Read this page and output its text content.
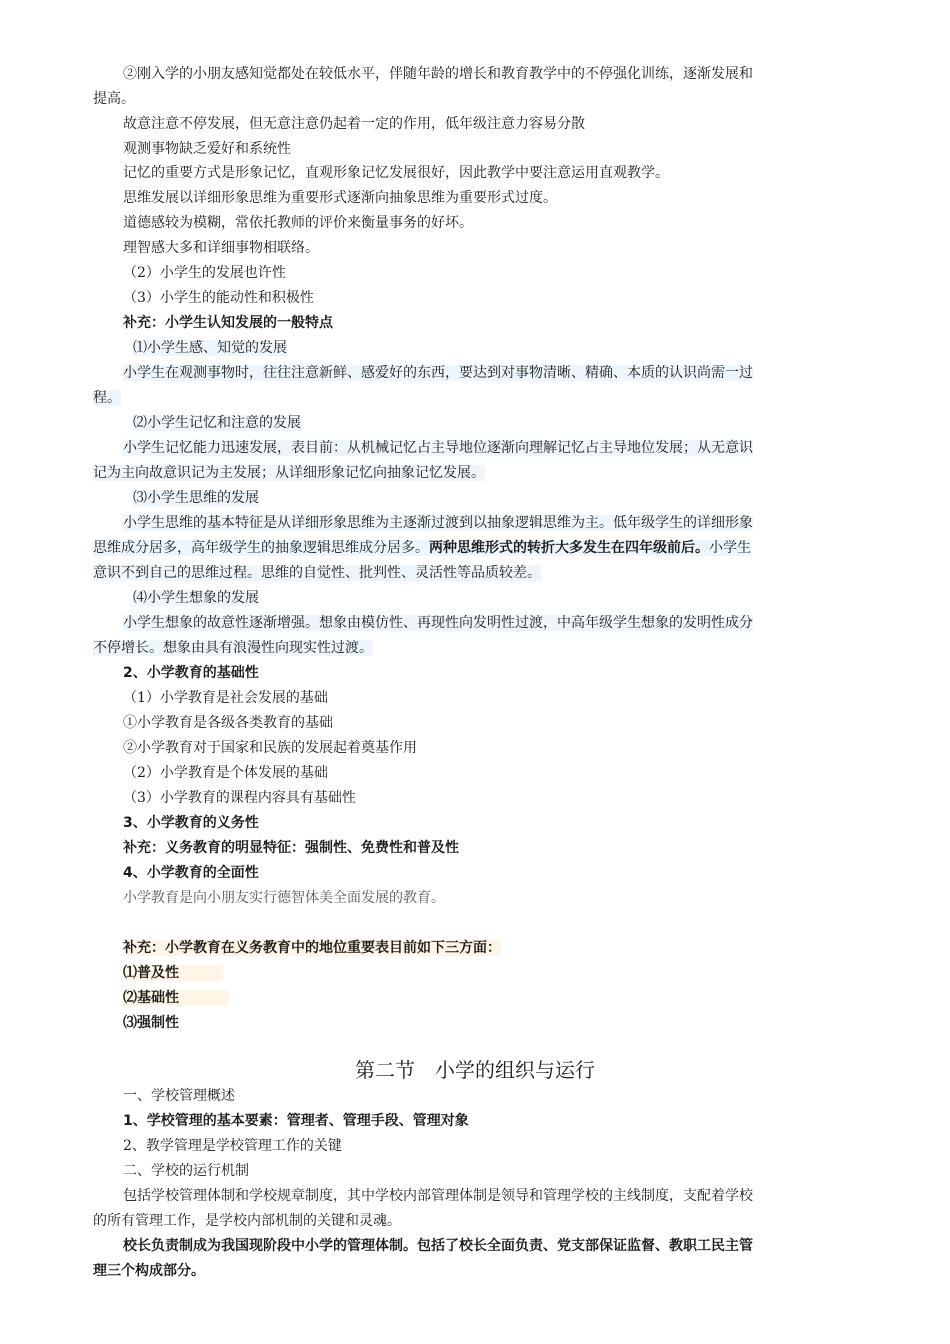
②刚入学的小朋友感知觉都处在较低水平，伴随年龄的增长和教育教学中的不停强化训练，逐渐发展和
提高。
故意注意不停发展，但无意注意仍起着一定的作用，低年级注意力容易分散
观测事物缺乏爱好和系统性
记忆的重要方式是形象记忆，直观形象记忆发展很好，因此教学中要注意运用直观教学。
思维发展以详细形象思维为重要形式逐渐向抽象思维为重要形式过度。
道德感较为模糊，常依托教师的评价来衡量事务的好坏。
理智感大多和详细事物相联络。
（2）小学生的发展也许性
（3）小学生的能动性和积极性
补充：小学生认知发展的一般特点
⑴小学生感、知觉的发展
小学生在观测事物时，往往注意新鲜、感爱好的东西，要达到对事物清晰、精确、本质的认识尚需一过
程。
⑵小学生记忆和注意的发展
小学生记忆能力迅速发展，表目前：从机械记忆占主导地位逐渐向理解记忆占主导地位发展；从无意识
记为主向故意识记为主发展；从详细形象记忆向抽象记忆发展。
⑶小学生思维的发展
小学生思维的基本特征是从详细形象思维为主逐渐过渡到以抽象逻辑思维为主。低年级学生的详细形象
思维成分居多，高年级学生的抽象逻辑思维成分居多。两种思维形式的转折大多发生在四年级前后。小学生
意识不到自己的思维过程。思维的自觉性、批判性、灵活性等品质较差。
⑷小学生想象的发展
小学生想象的故意性逐渐增强。想象由模仿性、再现性向发明性过渡，中高年级学生想象的发明性成分
不停增长。想象由具有浪漫性向现实性过渡。
2、小学教育的基础性
（1）小学教育是社会发展的基础
①小学教育是各级各类教育的基础
②小学教育对于国家和民族的发展起着奠基作用
（2）小学教育是个体发展的基础
（3）小学教育的课程内容具有基础性
3、小学教育的义务性
补充：义务教育的明显特征：强制性、免费性和普及性
4、小学教育的全面性
小学教育是向小朋友实行德智体美全面发展的教育。
补充：小学教育在义务教育中的地位重要表目前如下三方面：
⑴普及性
⑵基础性
⑶强制性
第二节　小学的组织与运行
一、学校管理概述
1、学校管理的基本要素：管理者、管理手段、管理对象
2、教学管理是学校管理工作的关键
二、学校的运行机制
包括学校管理体制和学校规章制度，其中学校内部管理体制是领导和管理学校的主线制度，支配着学校
的所有管理工作，是学校内部机制的关键和灵魂。
校长负责制成为我国现阶段中小学的管理体制。包括了校长全面负责、党支部保证监督、教职工民主管
理三个构成部分。
